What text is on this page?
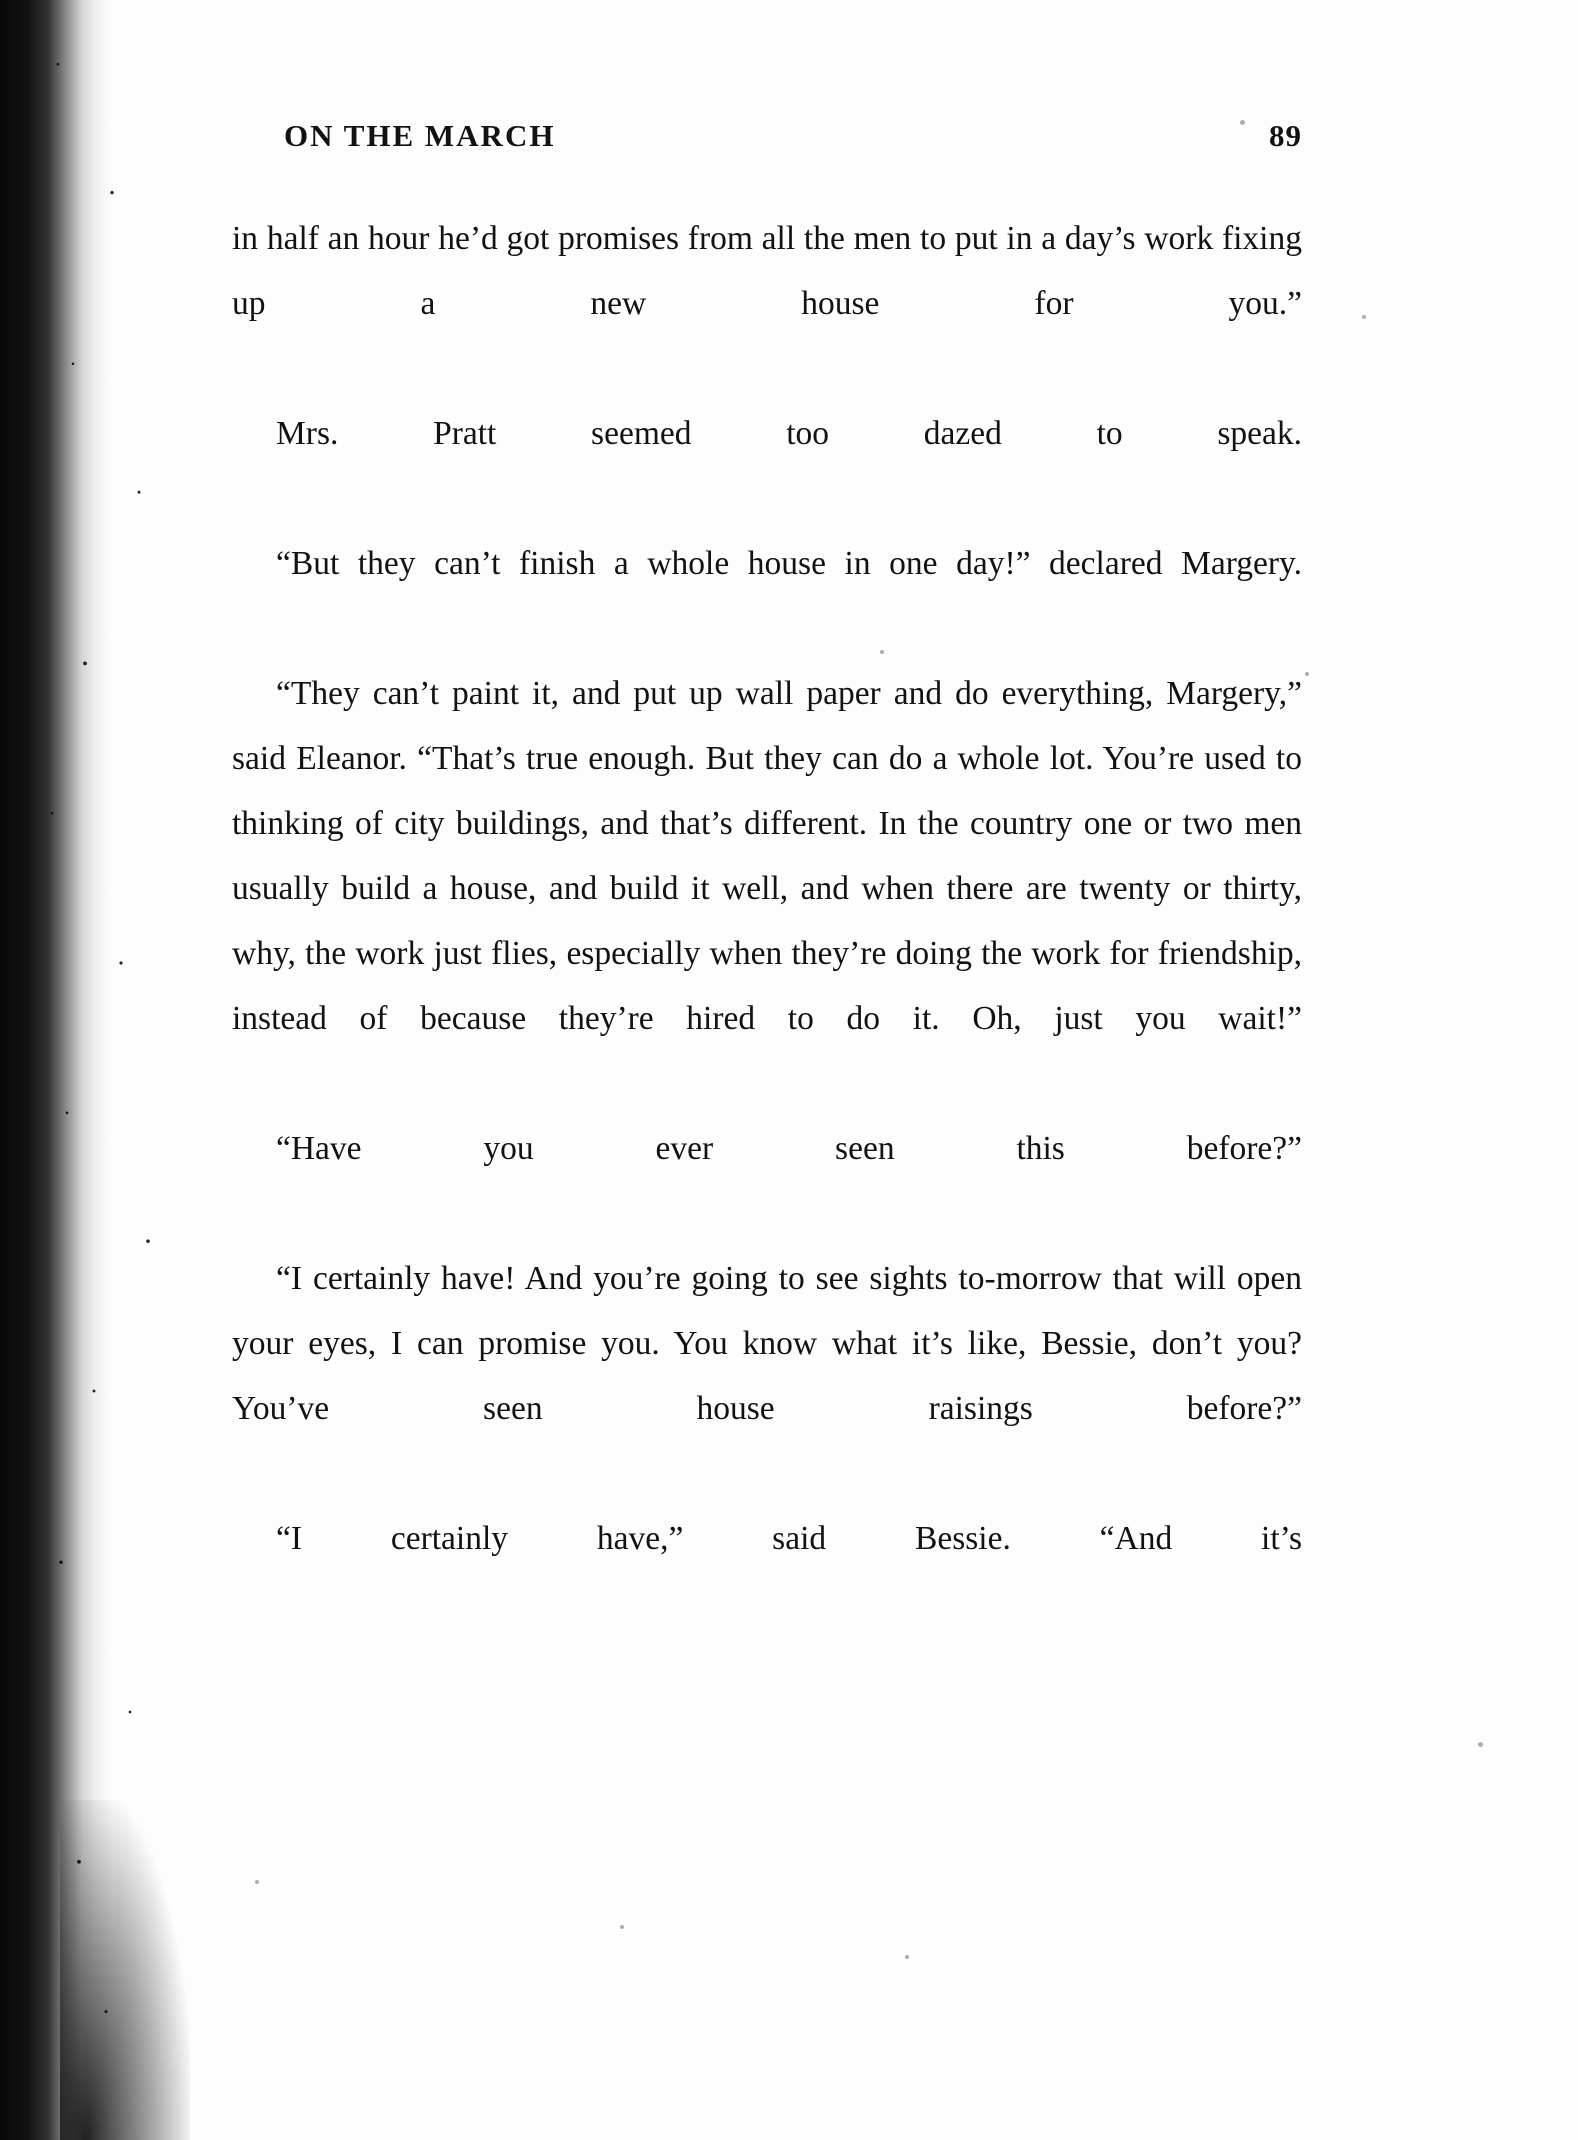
ON THE MARCH	89

in half an hour he’d got promises from all the men to put in a day’s work fixing up a new house for you.”

Mrs. Pratt seemed too dazed to speak.

“But they can’t finish a whole house in one day!” declared Margery.

“They can’t paint it, and put up wall paper and do everything, Margery,” said Eleanor. “That’s true enough. But they can do a whole lot. You’re used to thinking of city buildings, and that’s different. In the country one or two men usually build a house, and build it well, and when there are twenty or thirty, why, the work just flies, especially when they’re doing the work for friendship, instead of because they’re hired to do it. Oh, just you wait!”

“Have you ever seen this before?”

“I certainly have! And you’re going to see sights to-morrow that will open your eyes, I can promise you. You know what it’s like, Bessie, don’t you? You’ve seen house raisings before?”

“I certainly have,” said Bessie. “And it’s
